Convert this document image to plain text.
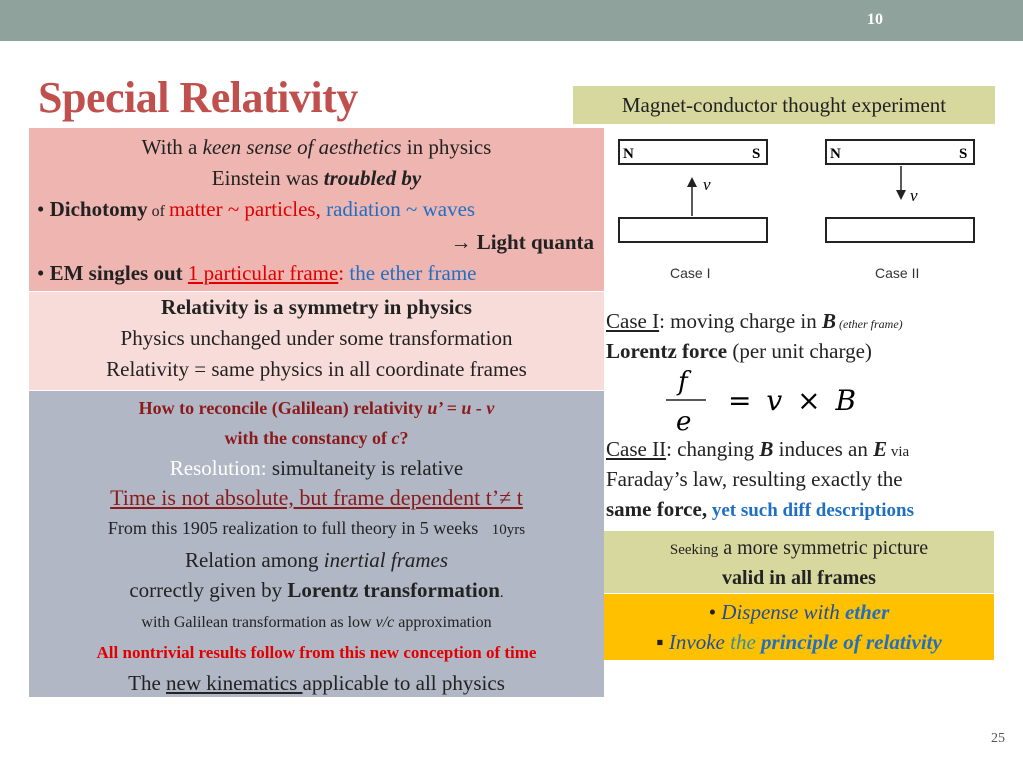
10
Special Relativity	Magnet-conductor thought experiment
With a keen sense of aesthetics in physics
Einstein was troubled by
• Dichotomy of matter ~ particles, radiation ~ waves
→ Light quanta
• EM singles out 1 particular frame: the ether frame
Relativity is a symmetry in physics
Physics unchanged under some transformation
Relativity = same physics in all coordinate frames
How to reconcile (Galilean) relativity u’ = u - v
with the constancy of c?
Resolution: simultaneity is relative
Time is not absolute, but frame dependent t’≠ t
From this 1905 realization to full theory in 5 weeks 10yrs
Relation among inertial frames
correctly given by Lorentz transformation.
with Galilean transformation as low v/c approximation
All nontrivial results follow from this new conception of time
The new kinematics applicable to all physics
N	S
v
Case I
N	S
v
Case II
Case I: moving charge in B (ether frame)
Lorentz force (per unit charge)
f
e
= v × B
Case II: changing B induces an E via
Faraday’s law, resulting exactly the
same force, yet such diff descriptions
Seeking a more symmetric picture
valid in all frames
• Dispense with ether
▪ Invoke the principle of relativity
25
